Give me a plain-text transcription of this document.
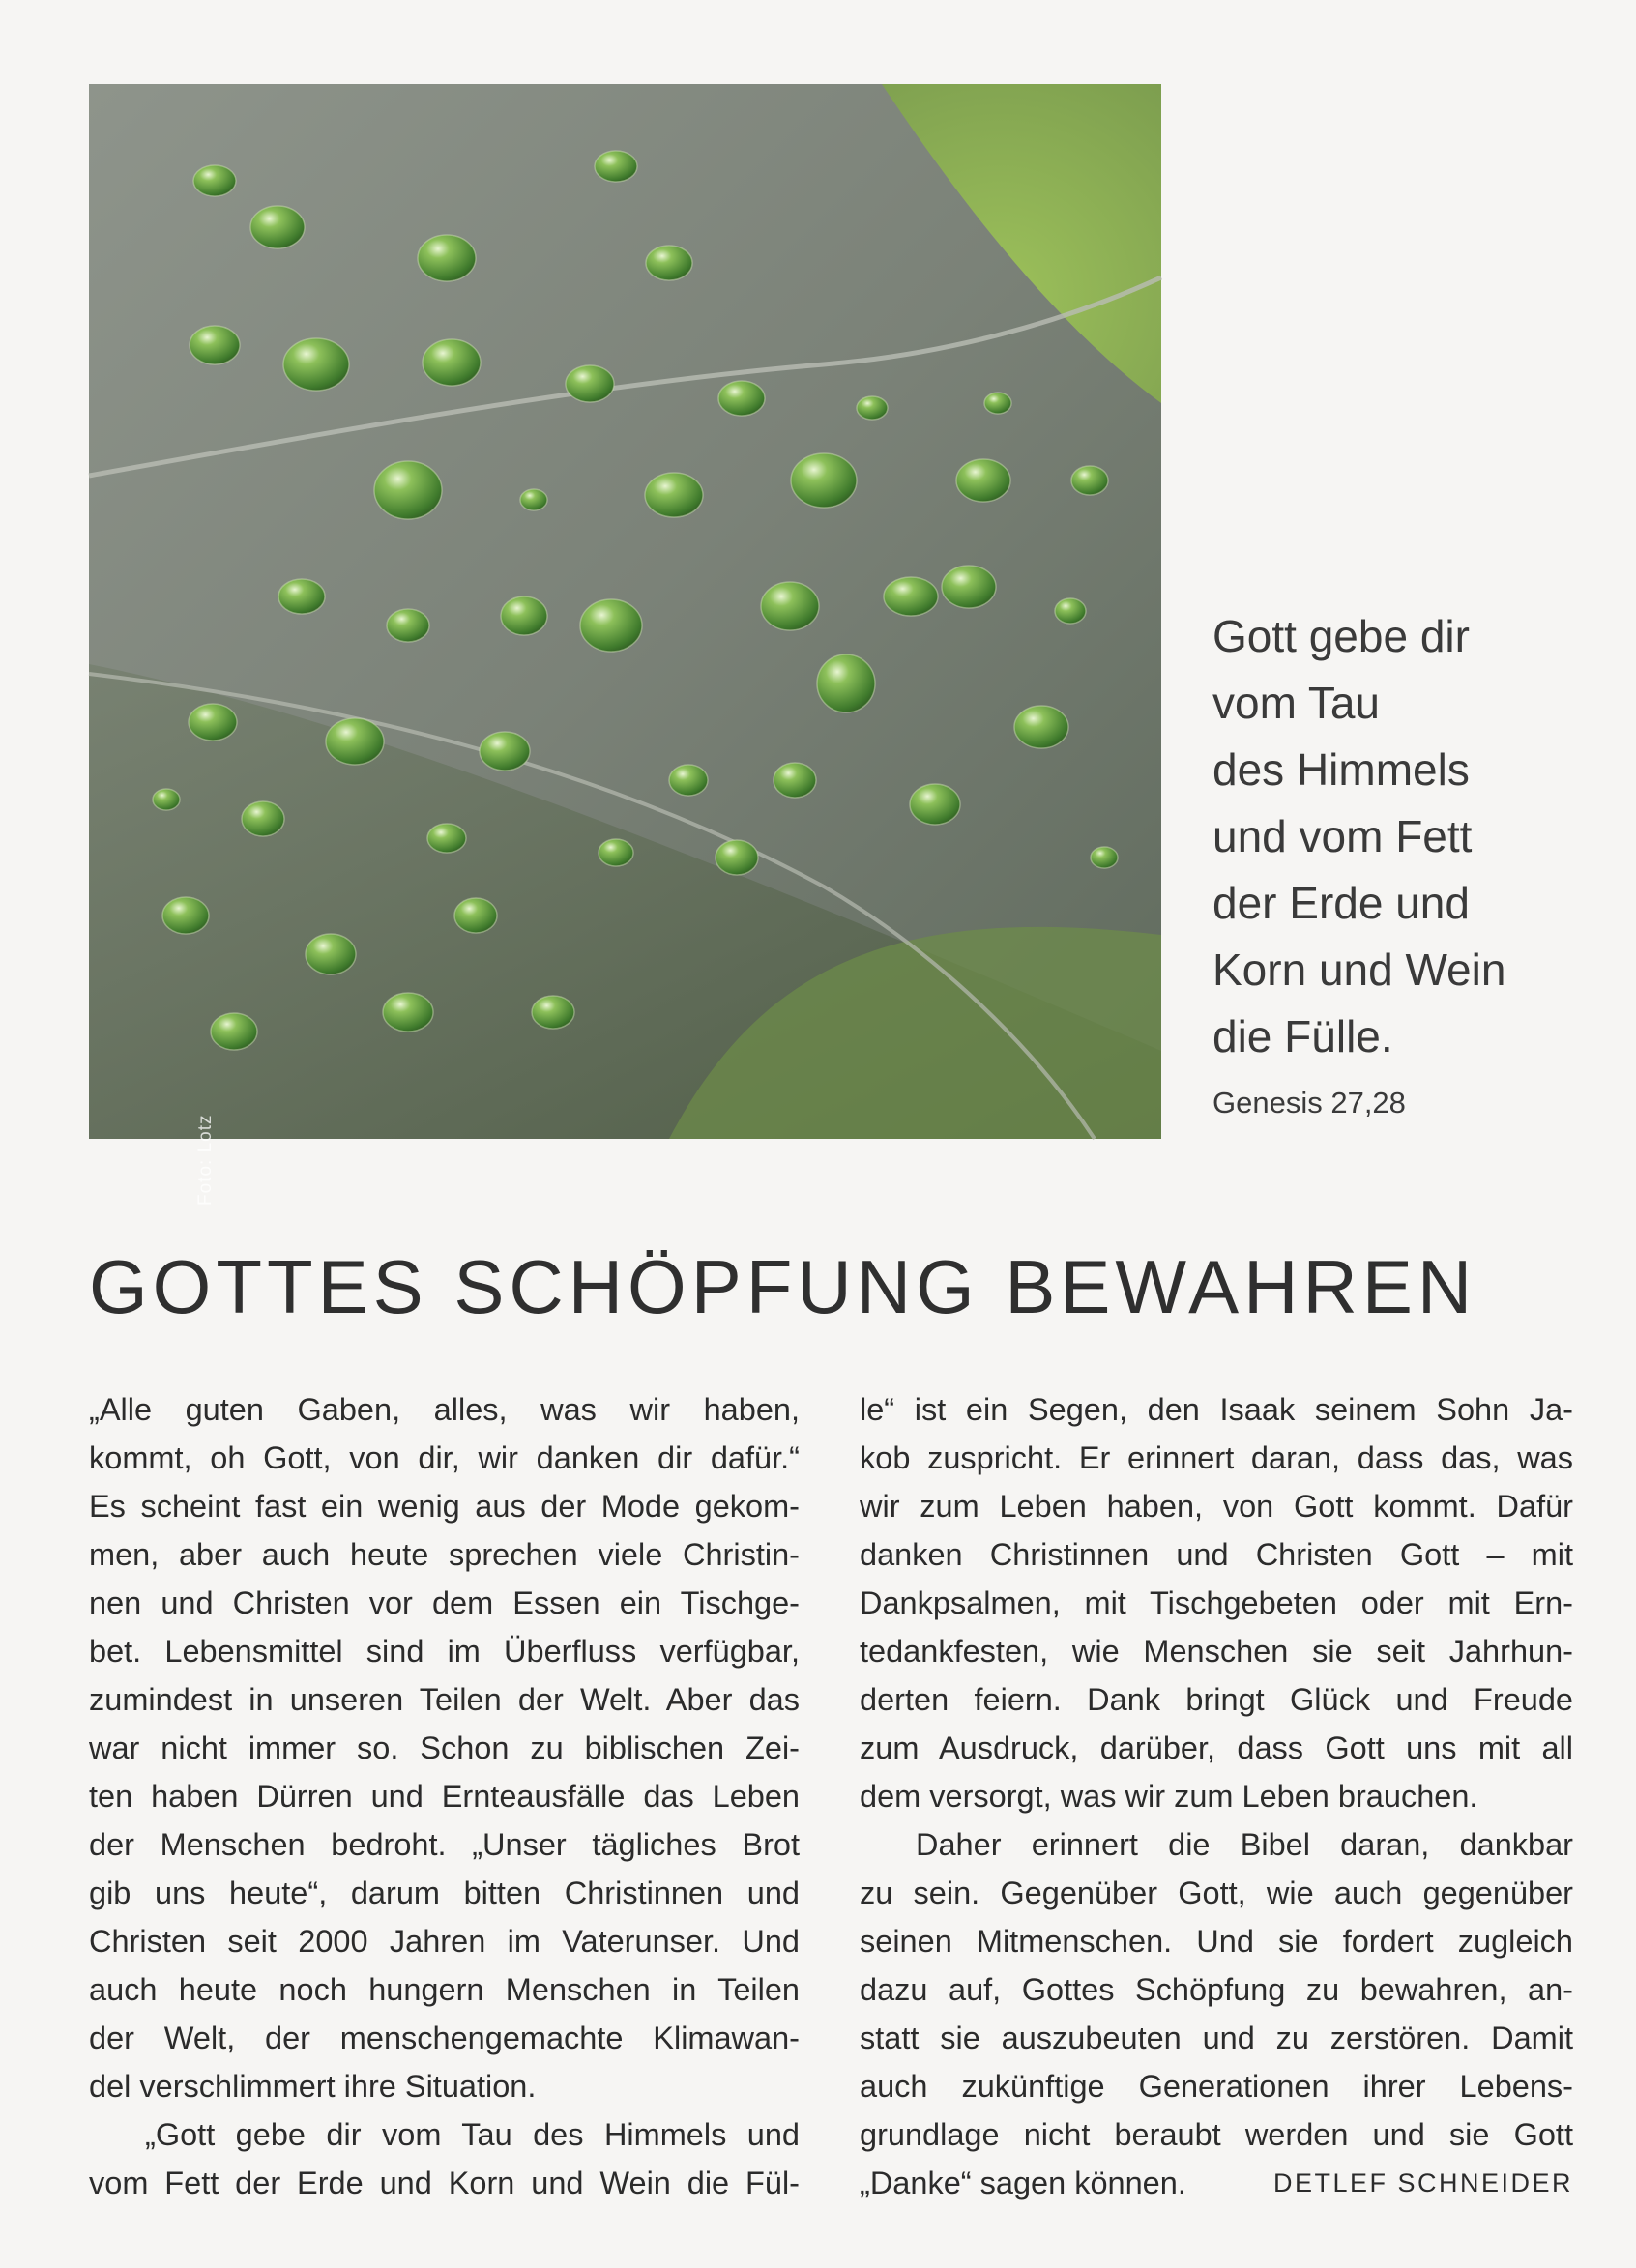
Foto: Lotz
Gott gebe dir
vom Tau
des Himmels
und vom Fett
der Erde und
Korn und Wein
die Fülle.
Genesis 27,28
GOTTES SCHÖPFUNG BEWAHREN
„Alle guten Gaben, alles, was wir haben,
kommt, oh Gott, von dir, wir danken dir dafür.“
Es scheint fast ein wenig aus der Mode gekom-
men, aber auch heute sprechen viele Christin-
nen und Christen vor dem Essen ein Tischge-
bet. Lebensmittel sind im Überfluss verfügbar,
zumindest in unseren Teilen der Welt. Aber das
war nicht immer so. Schon zu biblischen Zei-
ten haben Dürren und Ernteausfälle das Leben
der Menschen bedroht. „Unser tägliches Brot
gib uns heute“, darum bitten Christinnen und
Christen seit 2000 Jahren im Vaterunser. Und
auch heute noch hungern Menschen in Teilen
der Welt, der menschengemachte Klimawan-
del verschlimmert ihre Situation.
„Gott gebe dir vom Tau des Himmels und
vom Fett der Erde und Korn und Wein die Fül-
le“ ist ein Segen, den Isaak seinem Sohn Ja-
kob zuspricht. Er erinnert daran, dass das, was
wir zum Leben haben, von Gott kommt. Dafür
danken Christinnen und Christen Gott – mit
Dankpsalmen, mit Tischgebeten oder mit Ern-
tedankfesten, wie Menschen sie seit Jahrhun-
derten feiern. Dank bringt Glück und Freude
zum Ausdruck, darüber, dass Gott uns mit all
dem versorgt, was wir zum Leben brauchen.
Daher erinnert die Bibel daran, dankbar
zu sein. Gegenüber Gott, wie auch gegenüber
seinen Mitmenschen. Und sie fordert zugleich
dazu auf, Gottes Schöpfung zu bewahren, an-
statt sie auszubeuten und zu zerstören. Damit
auch zukünftige Generationen ihrer Lebens-
grundlage nicht beraubt werden und sie Gott
„Danke“ sagen können.	DETLEF SCHNEIDER
